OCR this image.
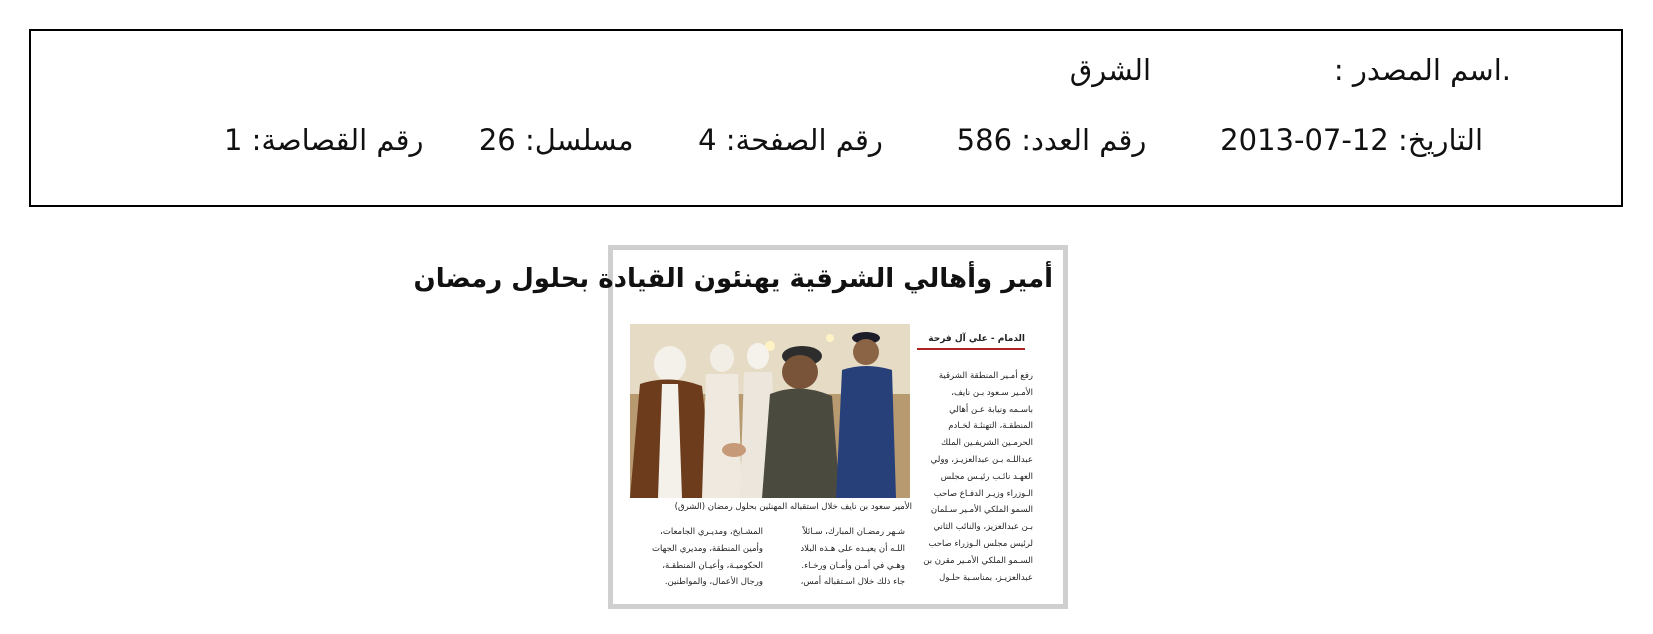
.اسم المصدر :
الشرق
التاريخ: 12-07-2013        رقم العدد: 586        رقم الصفحة: 4       مسلسل: 26      رقم القصاصة: 1
أمير وأهالي الشرقية يهنئون القيادة بحلول رمضان
الدمام - علي آل فرحة

رفع أمـير المنطقة الشرقية

الأمـير سـعود بـن نايف،

باسـمه ونيابة عـن أهالي

المنطقـة، التهنئـة لخـادم

الحرمـين الشريفـين الملك

عبداللـه بـن عبدالعزيـز، وولي

العهـد نائـب رئيـس مجلس

الـوزراء وزيـر الدفـاع صاحب

السمو الملكي الأمـير سـلمان

بـن عبدالعزيز، والنائب الثاني

لرئيس مجلس الـوزراء صاحب

السـمو الملكي الأمـير مقرن بن

عبدالعزيـز، بمناسـبة حلـول

الأمير سعود بن نايف خلال استقباله المهنئين بحلول رمضان (الشرق)

شـهر رمضـان المبارك، سـائلاً

اللـه أن يعيـده على هـذه البلاد

وهـي في أمـن وأمـان ورخـاء.

جاء ذلك خلال اسـتقباله أمس،

المشـايخ، ومديـري الجامعات،

وأمين المنطقة، ومديري الجهات

الحكوميـة، وأعيـان المنطقـة،

ورجال الأعمال، والمواطنين.
